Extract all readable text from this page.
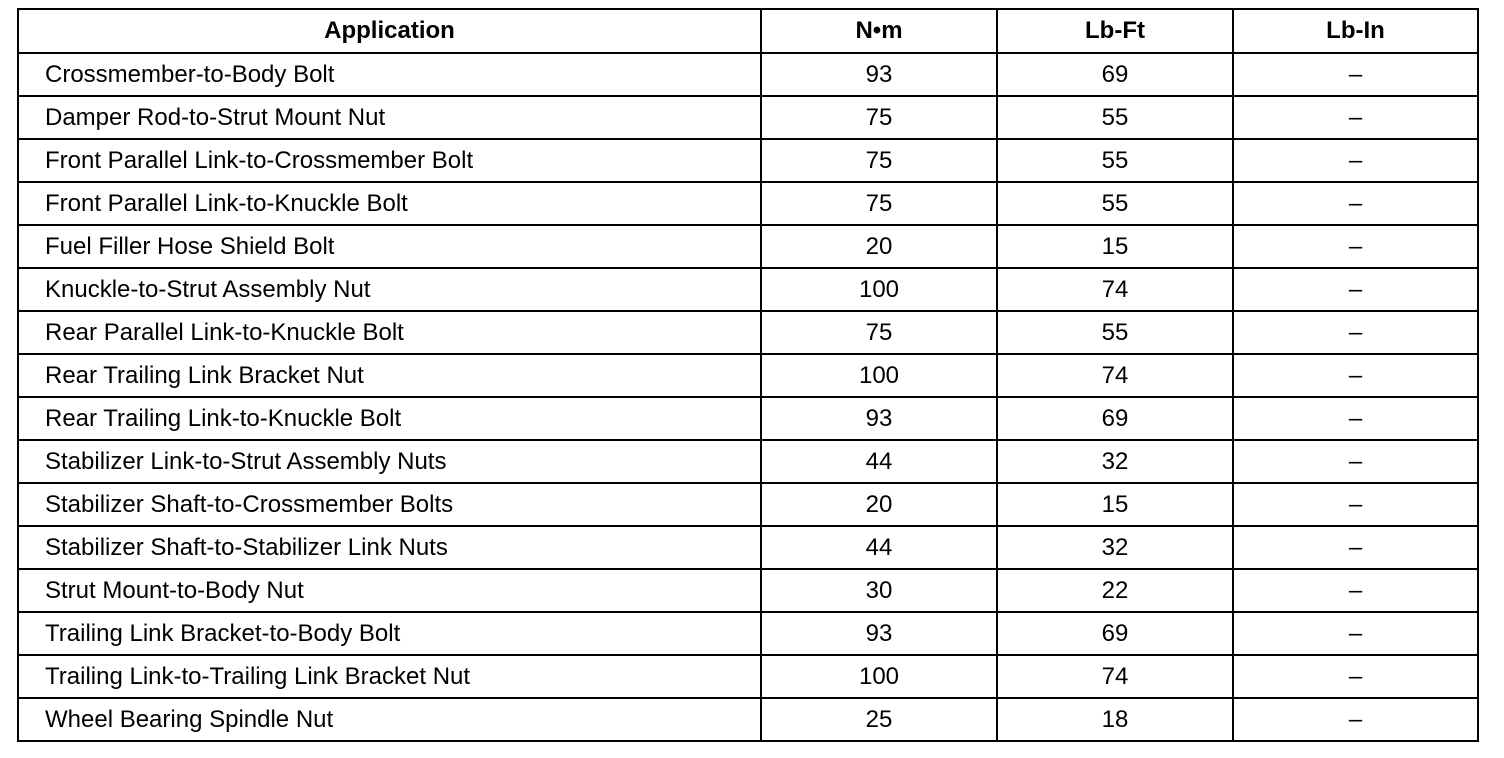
Application	N•m	Lb-Ft	Lb-In
Crossmember-to-Body Bolt	93	69	–
Damper Rod-to-Strut Mount Nut	75	55	–
Front Parallel Link-to-Crossmember Bolt	75	55	–
Front Parallel Link-to-Knuckle Bolt	75	55	–
Fuel Filler Hose Shield Bolt	20	15	–
Knuckle-to-Strut Assembly Nut	100	74	–
Rear Parallel Link-to-Knuckle Bolt	75	55	–
Rear Trailing Link Bracket Nut	100	74	–
Rear Trailing Link-to-Knuckle Bolt	93	69	–
Stabilizer Link-to-Strut Assembly Nuts	44	32	–
Stabilizer Shaft-to-Crossmember Bolts	20	15	–
Stabilizer Shaft-to-Stabilizer Link Nuts	44	32	–
Strut Mount-to-Body Nut	30	22	–
Trailing Link Bracket-to-Body Bolt	93	69	–
Trailing Link-to-Trailing Link Bracket Nut	100	74	–
Wheel Bearing Spindle Nut	25	18	–
